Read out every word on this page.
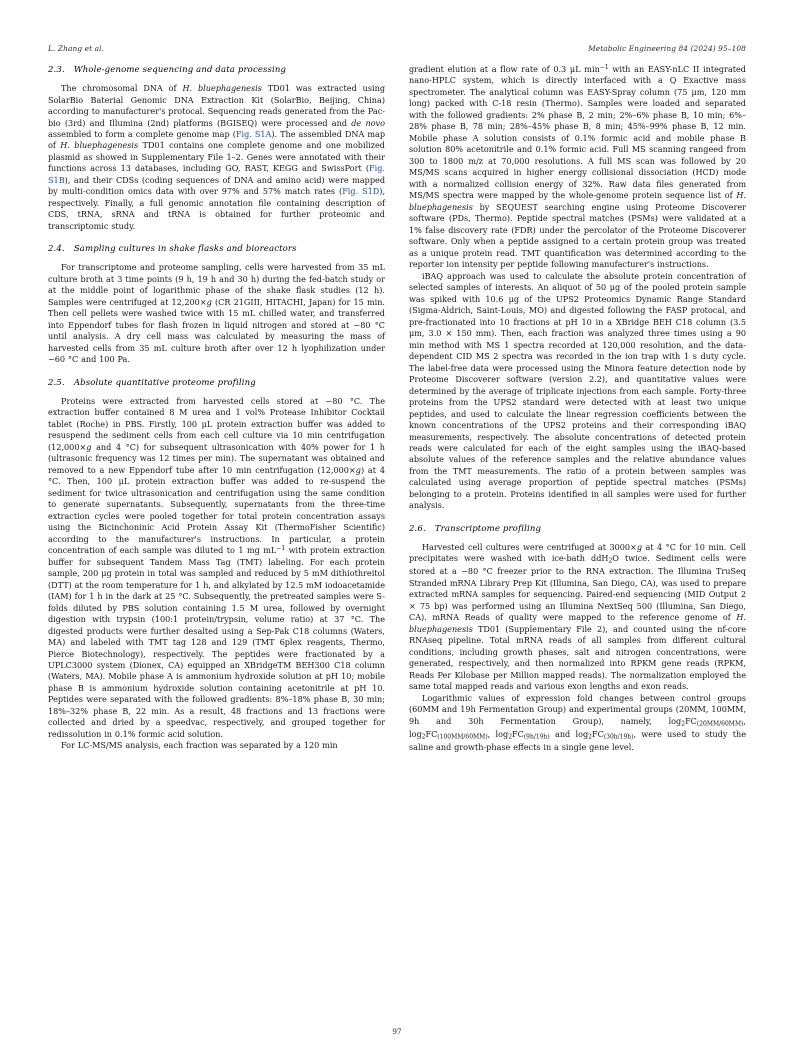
L. Zhang et al.	Metabolic Engineering 84 (2024) 95–108
2.3. Whole-genome sequencing and data processing

The chromosomal DNA of H. bluephagenesis TD01 was extracted using SolarBio Baterial Genomic DNA Extraction Kit (SolarBio, Beijing, China) according to manufacturer's protocal. Sequencing reads generated from the Pac-bio (3rd) and Illumina (2nd) platforms (BGISEQ) were processed and de novo assembled to form a complete genome map (Fig. S1A). The assembled DNA map of H. bluephagenesis TD01 contains one complete genome and one mobilized plasmid as showed in Supplementary File 1–2. Genes were annotated with their functions across 13 databases, including GO, RAST, KEGG and SwissPort (Fig. S1B), and their CDSs (coding sequences of DNA and amino acid) were mapped by multi-condition omics data with over 97% and 57% match rates (Fig. S1D), respectively. Finally, a full genomic annotation file containing description of CDS, tRNA, sRNA and tRNA is obtained for further proteomic and transcriptomic study.

2.4. Sampling cultures in shake flasks and bioreactors

For transcriptome and proteome sampling, cells were harvested from 35 mL culture broth at 3 time points (9 h, 19 h and 30 h) during the fed-batch study or at the middle point of logarithmic phase of the shake flask studies (12 h). Samples were centrifuged at 12,200×g (CR 21GIII, HITACHI, Japan) for 15 min. Then cell pellets were washed twice with 15 mL chilled water, and transferred into Eppendorf tubes for flash frozen in liquid nitrogen and stored at −80 °C until analysis. A dry cell mass was calculated by measuring the mass of harvested cells from 35 mL culture broth after over 12 h lyophilization under −60 °C and 100 Pa.

2.5. Absolute quantitative proteome profiling

Proteins were extracted from harvested cells stored at −80 °C. The extraction buffer contained 8 M urea and 1 vol% Protease Inhibitor Cocktail tablet (Roche) in PBS. Firstly, 100 μL protein extraction buffer was added to resuspend the sediment cells from each cell culture via 10 min centrifugation (12,000×g and 4 °C) for subsequent ultrasonication with 40% power for 1 h (ultrasonic frequency was 12 times per min). The supernatant was obtained and removed to a new Eppendorf tube after 10 min centrifugation (12,000×g) at 4 °C. Then, 100 μL protein extraction buffer was added to re-suspend the sediment for twice ultrasonication and centrifugation using the same condition to generate supernatants. Subsequently, supernatants from the three-time extraction cycles were pooled together for total protein concentration assays using the Bicinchoninic Acid Protein Assay Kit (ThermoFisher Scientific) according to the manufacturer's instructions. In particular, a protein concentration of each sample was diluted to 1 mg $mL^{-1}$ with protein extraction buffer for subsequent Tandem Mass Tag (TMT) labeling. For each protein sample, 200 μg protein in total was sampled and reduced by 5 mM dithiothreitol (DTT) at the room temperature for 1 h, and alkylated by 12.5 mM iodoacetamide (IAM) for 1 h in the dark at 25 °C. Subsequently, the pretreated samples were S-folds diluted by PBS solution containing 1.5 M urea, followed by overnight digestion with trypsin (100:1 protein/trypsin, volume ratio) at 37 °C. The digested products were further desalted using a Sep-Pak C18 columns (Waters, MA) and labeled with TMT tag 128 and 129 (TMT 6plex reagents, Thermo, Pierce Biotechnology), respectively. The peptides were fractionated by a UPLC3000 system (Dionex, CA) equipped an XBridgeTM BEH300 C18 column (Waters, MA). Mobile phase A is ammonium hydroxide solution at pH 10; mobile phase B is ammonium hydroxide solution containing acetonitrile at pH 10. Peptides were separated with the followed gradients: 8%–18% phase B, 30 min; 18%–32% phase B, 22 min. As a result, 48 fractions and 13 fractions were collected and dried by a speedvac, respectively, and grouped together for redissolution in 0.1% formic acid solution.

For LC-MS/MS analysis, each fraction was separated by a 120 min

gradient elution at a flow rate of 0.3 μL $\min^{-1}$ with an EASY-nLC II integrated nano-HPLC system, which is directly interfaced with a Q Exactive mass spectrometer. The analytical column was EASY-Spray column (75 μm, 120 mm long) packed with C-18 resin (Thermo). Samples were loaded and separated with the followed gradients: 2% phase B, 2 min; 2%–6% phase B, 10 min; 6%–28% phase B, 78 min; 28%–45% phase B, 8 min; 45%–99% phase B, 12 min. Mobile phase A solution consists of 0.1% formic acid and mobile phase B solution 80% acetonitrile and 0.1% formic acid. Full MS scanning rangeed from 300 to 1800 m/z at 70,000 resolutions. A full MS scan was followed by 20 MS/MS scans acquired in higher energy collisional dissociation (HCD) mode with a normalized collision energy of 32%. Raw data files generated from MS/MS spectra were mapped by the whole-genome protein sequence list of H. bluephagenesis by SEQUEST searching engine using Proteome Discoverer software (PDs, Thermo). Peptide spectral matches (PSMs) were validated at a 1% false discovery rate (FDR) under the percolator of the Proteome Discoverer software. Only when a peptide assigned to a certain protein group was treated as a unique protein read. TMT quantification was determined according to the reporter ion intensity per peptide following manufacturer's instructions.

iBAQ approach was used to calculate the absolute protein concentration of selected samples of interests. An aliquot of 50 μg of the pooled protein sample was spiked with 10.6 μg of the UPS2 Proteomics Dynamic Range Standard (Sigma-Aldrich, Saint-Louis, MO) and digested following the FASP protocal, and pre-fractionated into 10 fractions at pH 10 in a XBridge BEH C18 column (3.5 μm, 3.0 × 150 mm). Then, each fraction was analyzed three times using a 90 min method with MS 1 spectra recorded at 120,000 resolution, and the data-dependent CID MS 2 spectra was recorded in the ion trap with 1 s duty cycle. The label-free data were processed using the Minora feature detection node by Proteome Discoverer software (version 2.2), and quantitative values were determined by the average of triplicate injections from each sample. Forty-three proteins from the UPS2 standard were detected with at least two unique peptides, and used to calculate the linear regression coefficients between the known concentrations of the UPS2 proteins and their corresponding iBAQ measurements, respectively. The absolute concentrations of detected protein reads were calculated for each of the eight samples using the iBAQ-based absolute values of the reference samples and the relative abundance values from the TMT measurements. The ratio of a protein between samples was calculated using average proportion of peptide spectral matches (PSMs) belonging to a protein. Proteins identified in all samples were used for further analysis.

2.6. Transcriptome profiling

Harvested cell cultures were centrifuged at 3000×g at 4 °C for 10 min. Cell precipitates were washed with ice-bath ddH$_2$O twice. Sediment cells were stored at a −80 °C freezer prior to the RNA extraction. The Illumina TruSeq Stranded mRNA Library Prep Kit (Illumina, San Diego, CA), was used to prepare extracted mRNA samples for sequencing. Paired-end sequencing (MID Output 2 × 75 bp) was performed using an Illumina NextSeq 500 (Illumina, San Diego, CA). mRNA Reads of quality were mapped to the reference genome of H. bluephagenesis TD01 (Supplementary File 2), and counted using the nf-core RNAseq pipeline. Total mRNA reads of all samples from different cultural conditions, including growth phases, salt and nitrogen concentrations, were generated, respectively, and then normalized into RPKM gene reads (RPKM, Reads Per Kilobase per Million mapped reads). The normalization employed the same total mapped reads and various exon lengths and exon reads.

Logarithmic values of expression fold changes between control groups (60MM and 19h Fermentation Group) and experimental groups (20MM, 100MM, 9h and 30h Fermentation Group), namely, $\log_2FC_{(20MM/60MM)}$, $\log_2FC_{(100MM/60MM)}$, $\log_2FC_{(9h/19h)}$ and $\log_2FC_{(30h/19h)}$, were used to study the saline and growth-phase effects in a single gene level.

97
